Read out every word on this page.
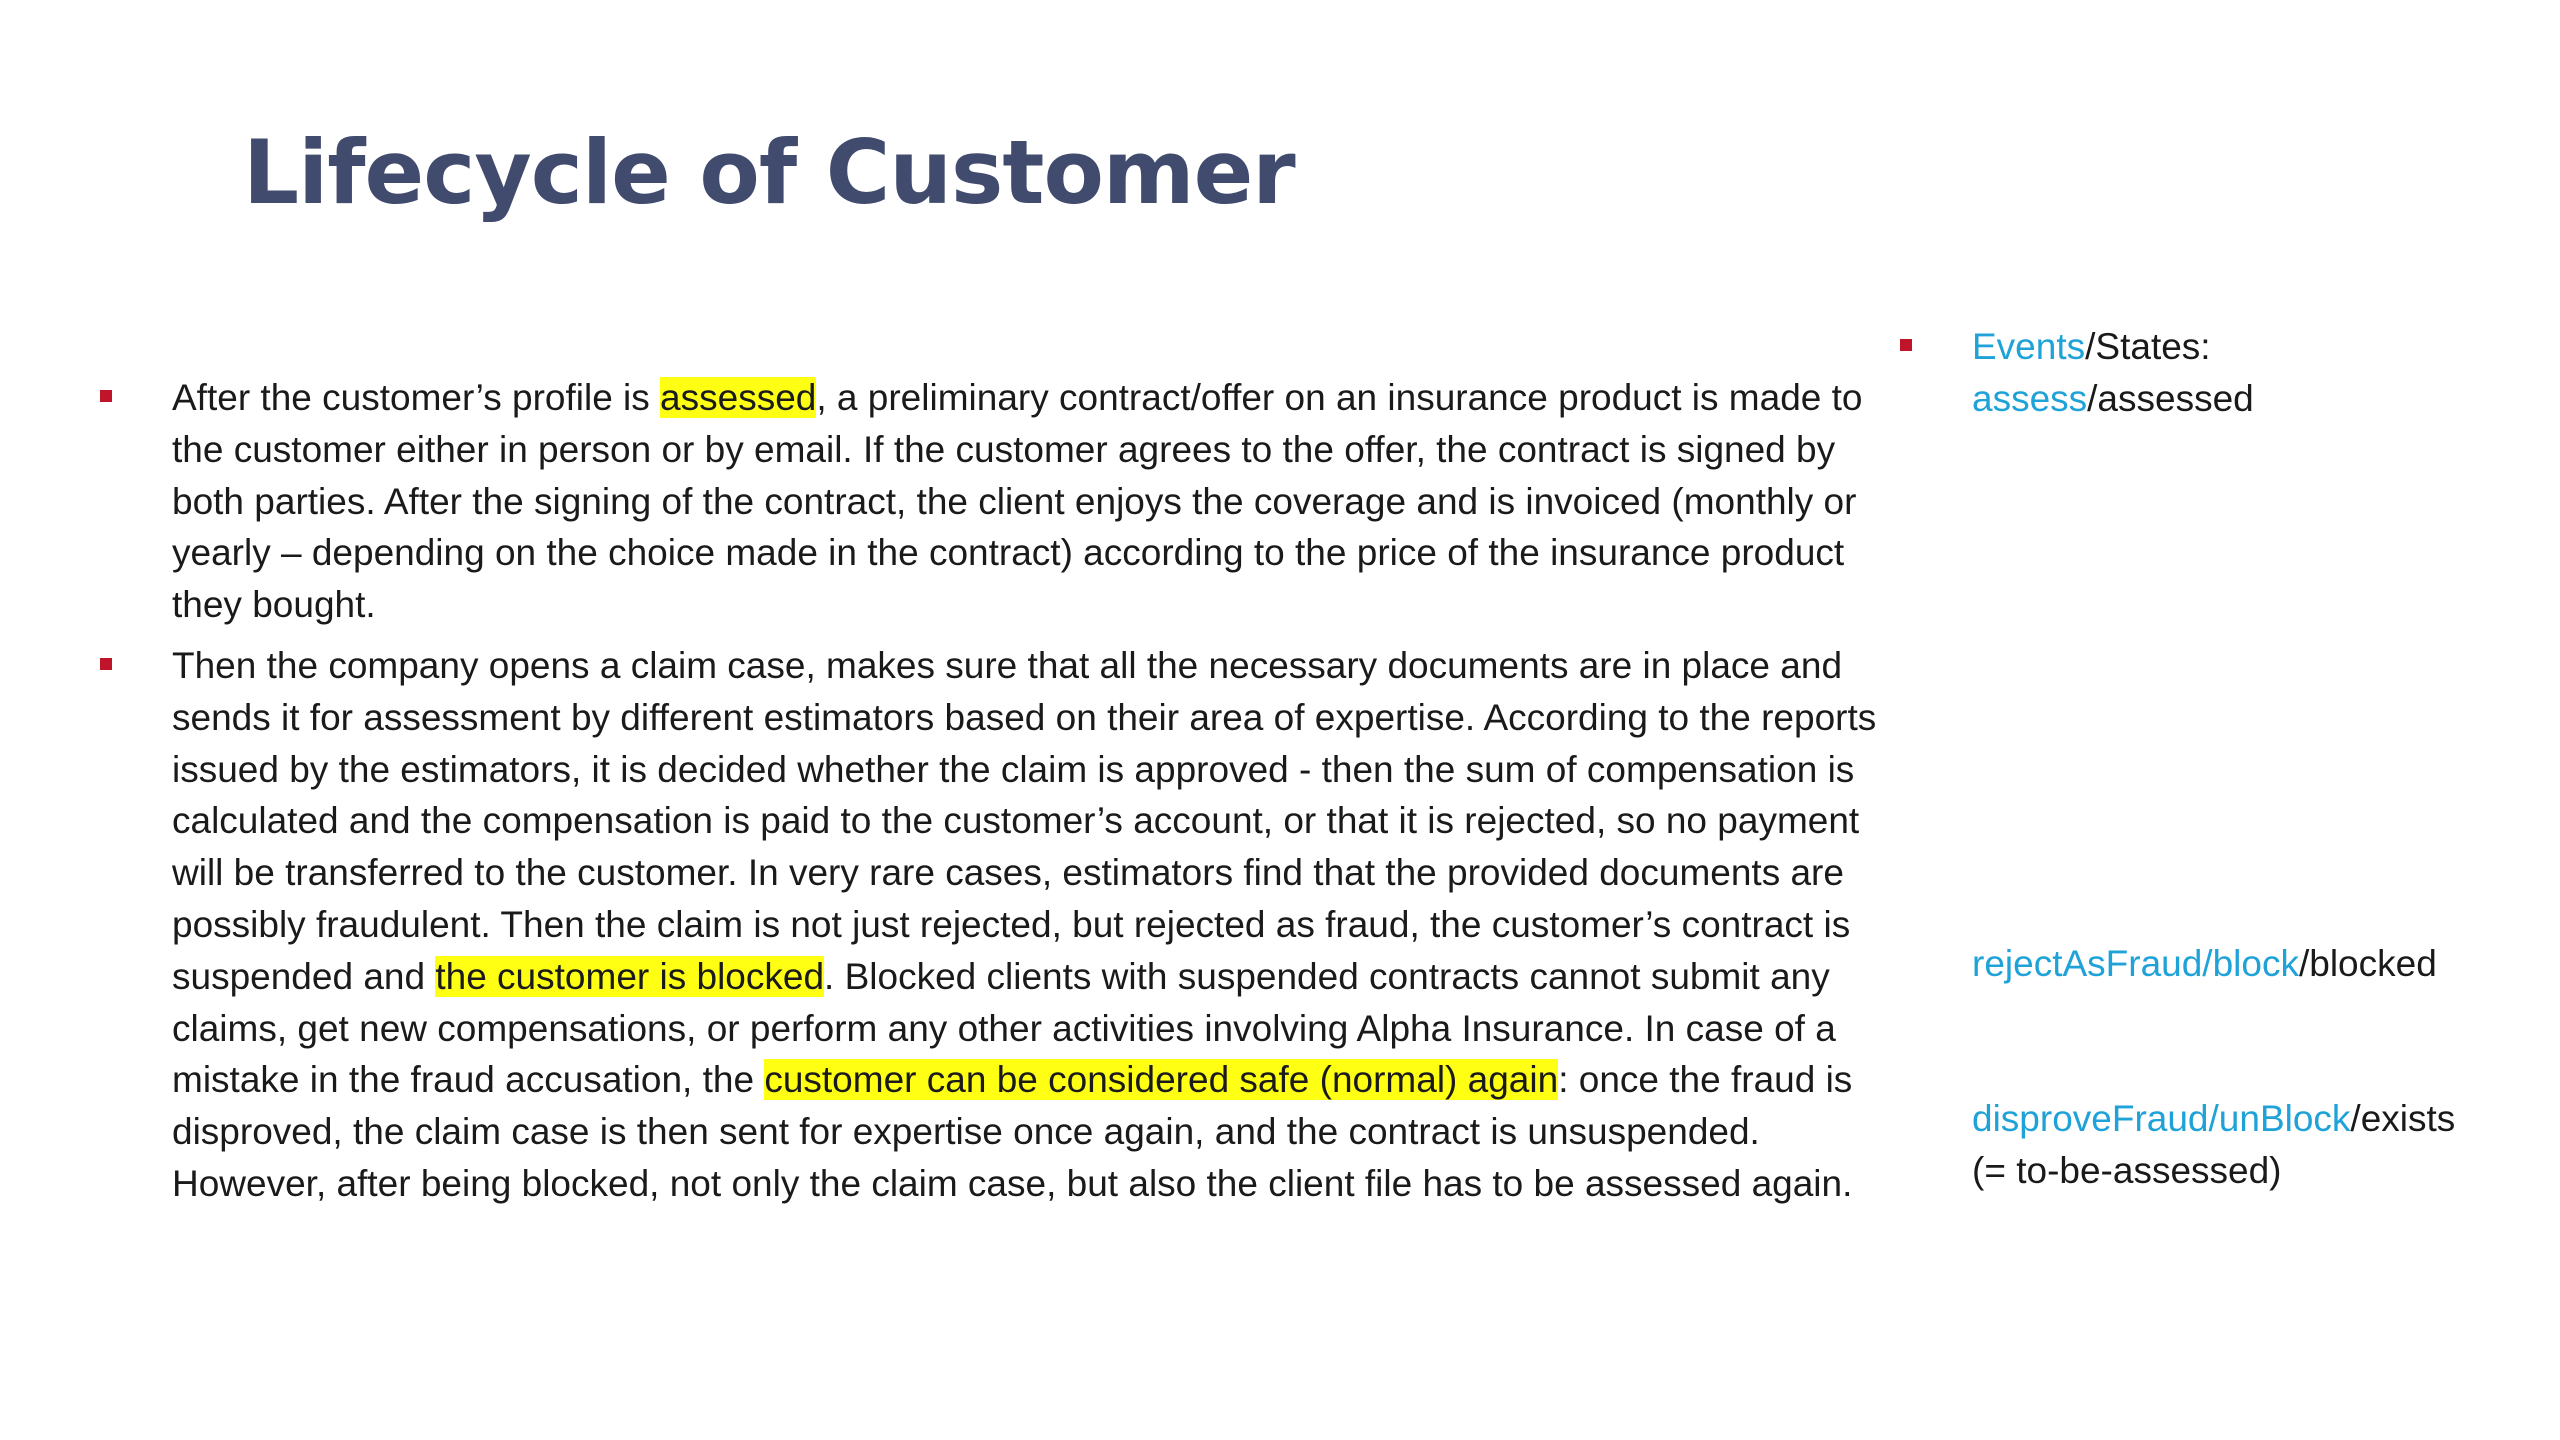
Lifecycle of Customer

After the customer’s profile is assessed, a preliminary contract/offer on an insurance product is made to the customer either in person or by email. If the customer agrees to the offer, the contract is signed by both parties. After the signing of the contract, the client enjoys the coverage and is invoiced (monthly or yearly – depending on the choice made in the contract) according to the price of the insurance product they bought.

Then the company opens a claim case, makes sure that all the necessary documents are in place and sends it for assessment by different estimators based on their area of expertise. According to the reports issued by the estimators, it is decided whether the claim is approved - then the sum of compensation is calculated and the compensation is paid to the customer’s account, or that it is rejected, so no payment will be transferred to the customer. In very rare cases, estimators find that the provided documents are possibly fraudulent. Then the claim is not just rejected, but rejected as fraud, the customer’s contract is suspended and the customer is blocked. Blocked clients with suspended contracts cannot submit any claims, get new compensations, or perform any other activities involving Alpha Insurance. In case of a mistake in the fraud accusation, the customer can be considered safe (normal) again: once the fraud is disproved, the claim case is then sent for expertise once again, and the contract is unsuspended. However, after being blocked, not only the claim case, but also the client file has to be assessed again.

Events/States:
assess/assessed
rejectAsFraud/block/blocked
disproveFraud/unBlock/exists
(= to-be-assessed)
